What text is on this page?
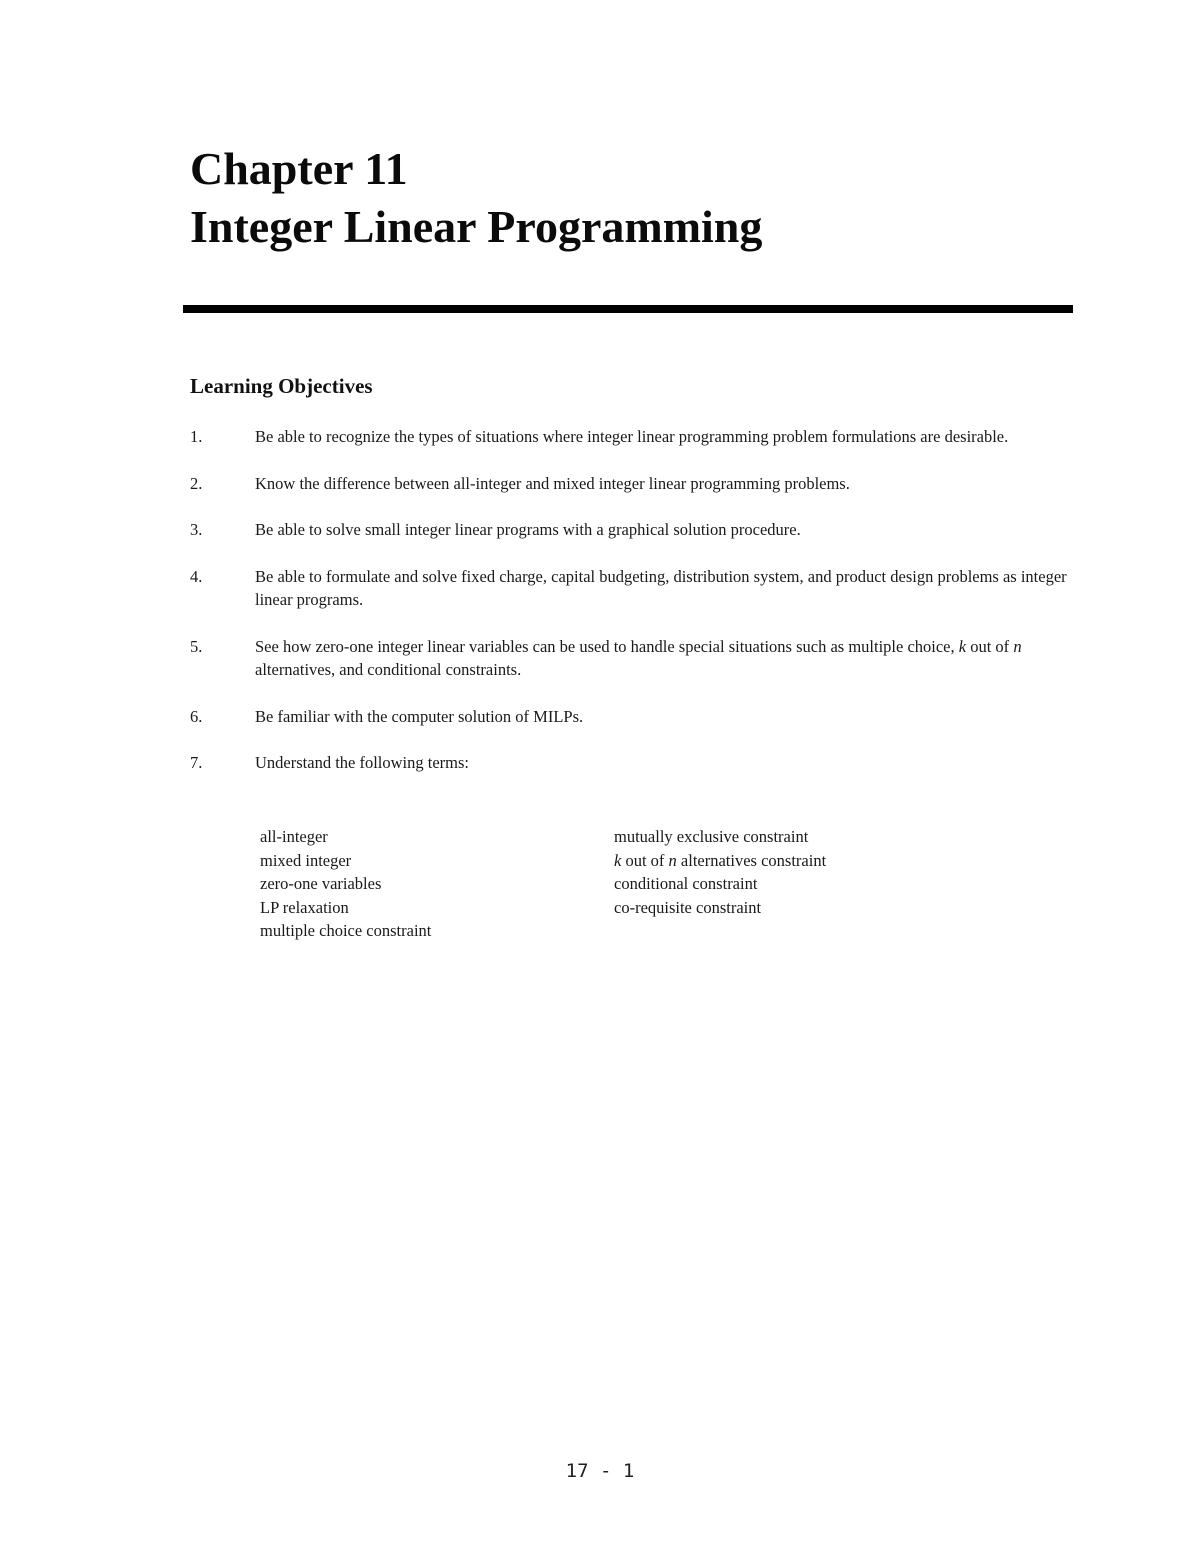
Chapter 11
Integer Linear Programming
Learning Objectives
1.	Be able to recognize the types of situations where integer linear programming problem formulations are desirable.
2.	Know the difference between all-integer and mixed integer linear programming problems.
3.	Be able to solve small integer linear programs with a graphical solution procedure.
4.	Be able to formulate and solve fixed charge, capital budgeting, distribution system, and product design problems as integer linear programs.
5.	See how zero-one integer linear variables can be used to handle special situations such as multiple choice, k out of n alternatives, and conditional constraints.
6.	Be familiar with the computer solution of MILPs.
7.	Understand the following terms:
all-integer
mixed integer
zero-one variables
LP relaxation
multiple choice constraint
mutually exclusive constraint
k out of n alternatives constraint
conditional constraint
co-requisite constraint
17 - 1
